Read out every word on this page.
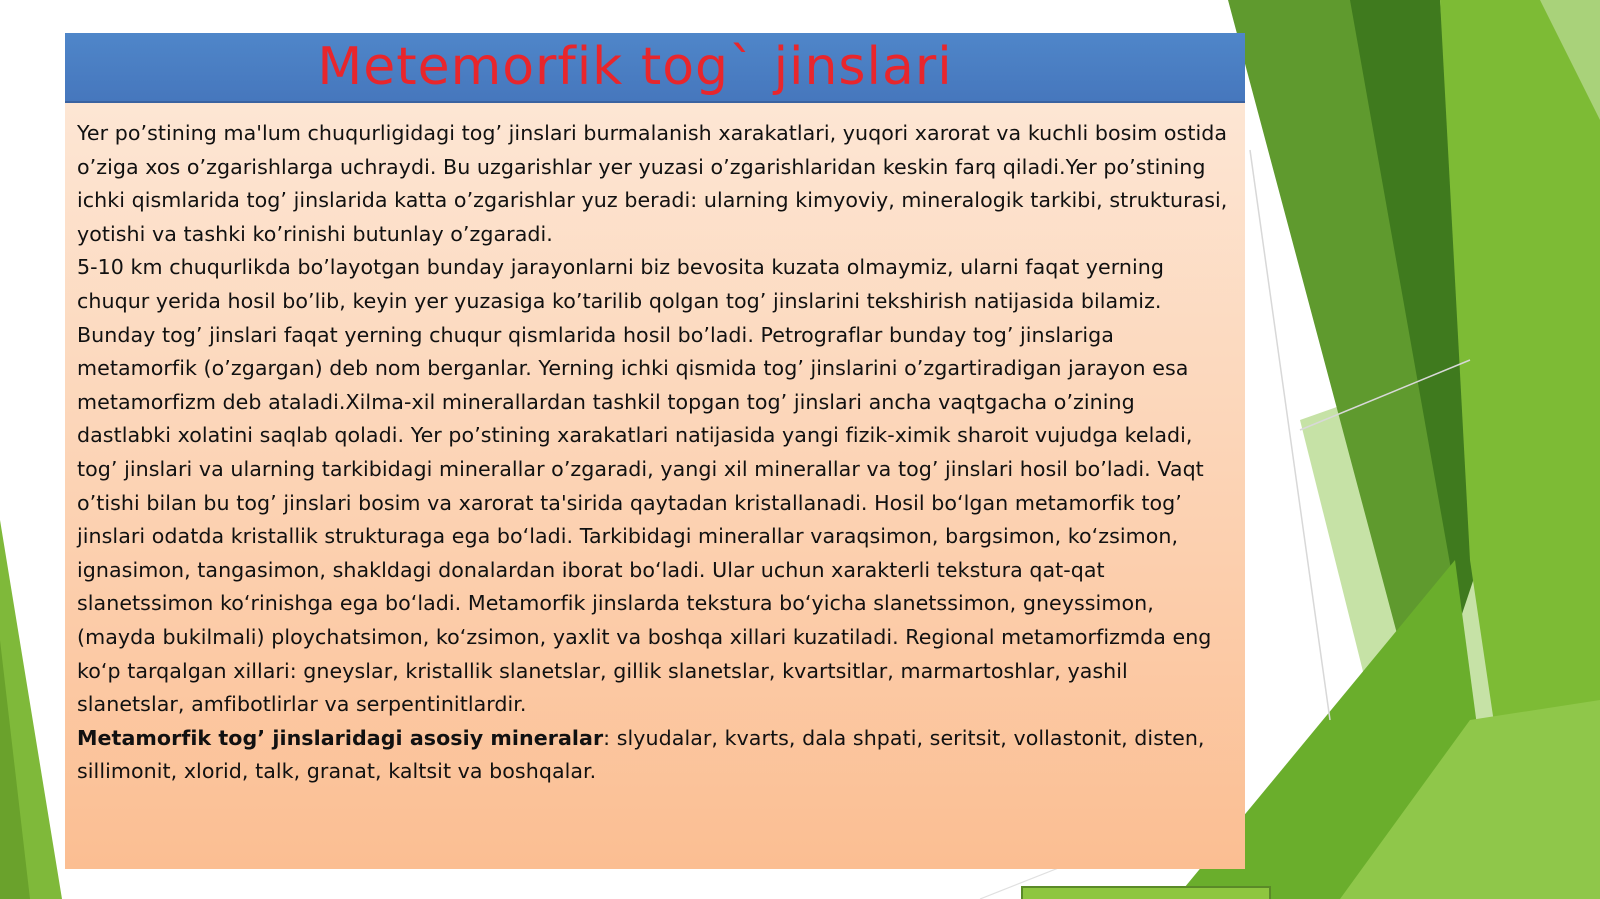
Metemorfik tog` jinslari
Yer po’stining ma'lum chuqurligidagi tog’ jinslari burmalanish xarakatlari, yuqori xarorat va kuchli bosim ostida o’ziga xos o’zgarishlarga uchraydi. Bu uzgarishlar yer yuzasi o’zgarishlaridan keskin farq qiladi.Yer po’stining ichki qismlarida tog’ jinslarida katta o’zgarishlar yuz beradi: ularning kimyoviy, mineralogik tarkibi, strukturasi, yotishi va tashki ko’rinishi butunlay o’zgaradi.
5-10 km chuqurlikda bo’layotgan bunday jarayonlarni biz bevosita kuzata olmaymiz, ularni faqat yerning chuqur yerida hosil bo’lib, keyin yer yuzasiga ko’tarilib qolgan tog’ jinslarini tekshirish natijasida bilamiz. Bunday tog’ jinslari faqat yerning chuqur qismlarida hosil bo’ladi. Petrograflar bunday tog’ jinslariga metamorfik (o’zgargan) deb nom berganlar. Yerning ichki qismida tog’ jinslarini o’zgartiradigan jarayon esa metamorfizm deb ataladi.Xilma-xil minerallardan tashkil topgan tog’ jinslari ancha vaqtgacha o’zining dastlabki xolatini saqlab qoladi. Yer po’stining xarakatlari natijasida yangi fizik-ximik sharoit vujudga keladi, tog’ jinslari va ularning tarkibidagi minerallar o’zgaradi, yangi xil minerallar va tog’ jinslari hosil bo’ladi. Vaqt o’tishi bilan bu tog’ jinslari bosim va xarorat ta'sirida qaytadan kristallanadi. Hosil bo‘lgan metamorfik tog’ jinslari odatda kristallik strukturaga ega bo‘ladi. Tarkibidagi minerallar varaqsimon, bargsimon, ko‘zsimon, ignasimon, tangasimon, shakldagi donalardan iborat bo‘ladi. Ular uchun xarakterli tekstura qat-qat slanetssimon ko‘rinishga ega bo‘ladi. Metamorfik jinslarda tekstura bo‘yicha slanetssimon, gneyssimon, (mayda bukilmali) ploychatsimon, ko‘zsimon, yaxlit va boshqa xillari kuzatiladi. Regional metamorfizmda eng ko‘p tarqalgan xillari: gneyslar, kristallik slanetslar, gillik slanetslar, kvartsitlar, marmartoshlar, yashil slanetslar, amfibotlirlar va serpentinitlardir.
Metamorfik tog’ jinslaridagi asosiy mineralar: slyudalar, kvarts, dala shpati, seritsit, vollastonit, disten, sillimonit, xlorid, talk, granat, kaltsit va boshqalar.
